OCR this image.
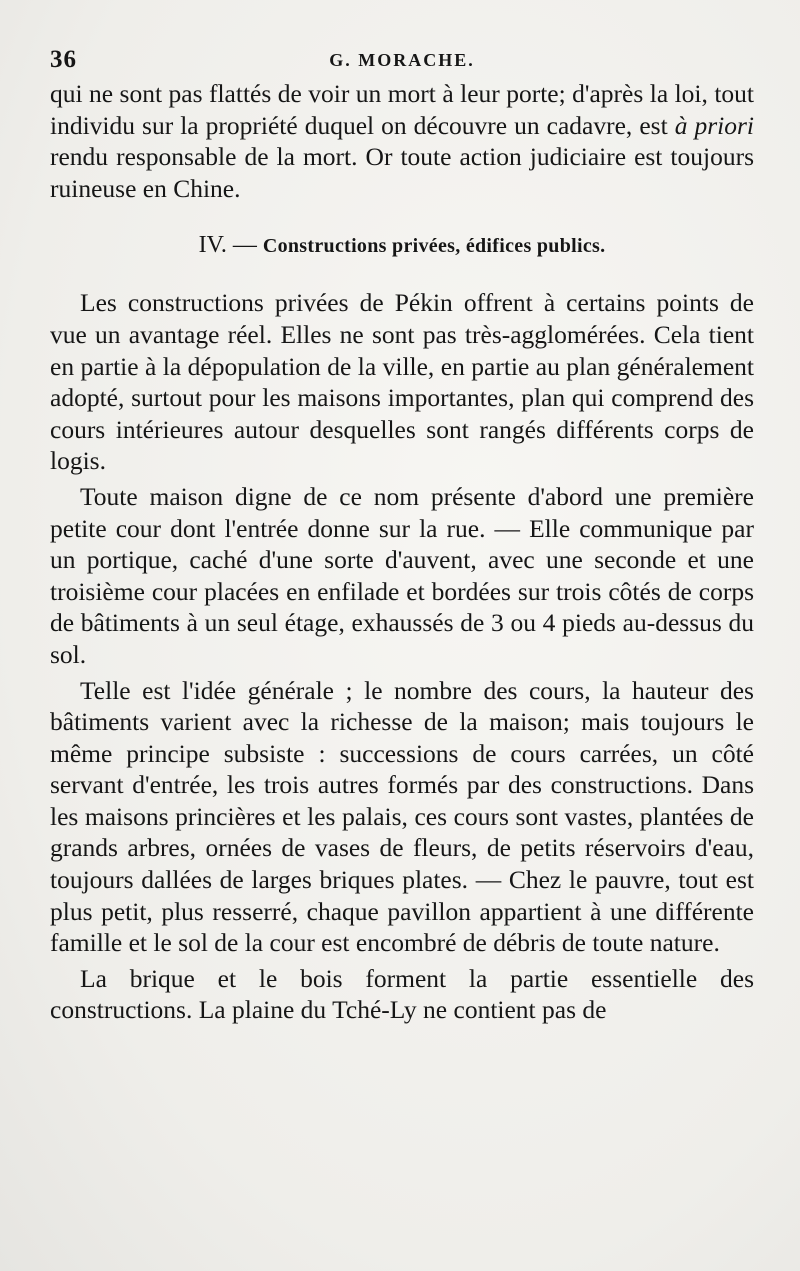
36	G. MORACHE.

qui ne sont pas flattés de voir un mort à leur porte; d'après la loi, tout individu sur la propriété duquel on découvre un cadavre, est à priori rendu responsable de la mort. Or toute action judiciaire est toujours ruineuse en Chine.

IV. — Constructions privées, édifices publics.

Les constructions privées de Pékin offrent à certains points de vue un avantage réel. Elles ne sont pas très-agglomérées. Cela tient en partie à la dépopulation de la ville, en partie au plan généralement adopté, surtout pour les maisons importantes, plan qui comprend des cours intérieures autour desquelles sont rangés différents corps de logis.

Toute maison digne de ce nom présente d'abord une première petite cour dont l'entrée donne sur la rue. — Elle communique par un portique, caché d'une sorte d'auvent, avec une seconde et une troisième cour placées en enfilade et bordées sur trois côtés de corps de bâtiments à un seul étage, exhaussés de 3 ou 4 pieds au-dessus du sol.

Telle est l'idée générale ; le nombre des cours, la hauteur des bâtiments varient avec la richesse de la maison; mais toujours le même principe subsiste : successions de cours carrées, un côté servant d'entrée, les trois autres formés par des constructions. Dans les maisons princières et les palais, ces cours sont vastes, plantées de grands arbres, ornées de vases de fleurs, de petits réservoirs d'eau, toujours dallées de larges briques plates. — Chez le pauvre, tout est plus petit, plus resserré, chaque pavillon appartient à une différente famille et le sol de la cour est encombré de débris de toute nature.

La brique et le bois forment la partie essentielle des constructions. La plaine du Tché-Ly ne contient pas de
